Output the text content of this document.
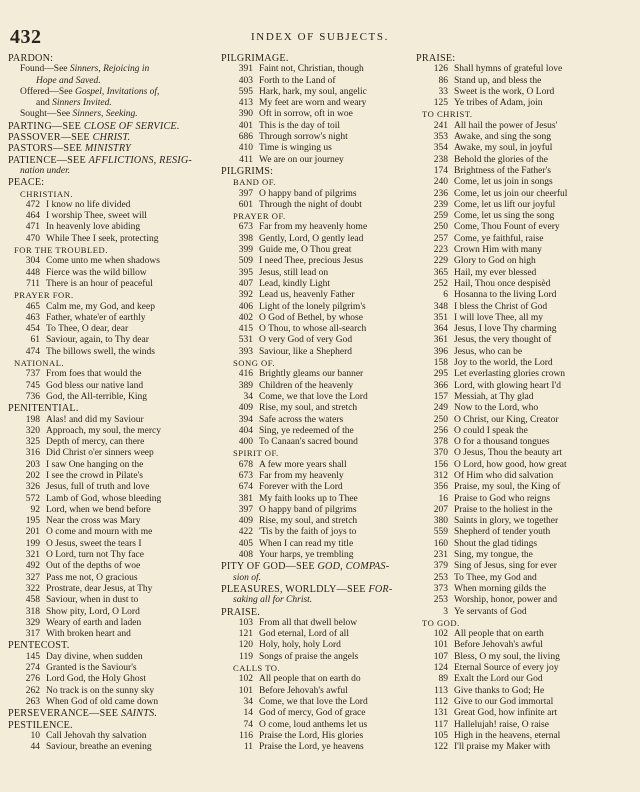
432	INDEX OF SUBJECTS.
PARDON:
Found—See Sinners, Rejoicing in
Hope and Saved.
Offered—See Gospel, Invitations of,
and Sinners Invited.
Sought—See Sinners, Seeking.
PARTING—SEE CLOSE OF SERVICE.
PASSOVER—SEE CHRIST.
PASTORS—SEE MINISTRY
PATIENCE—SEE AFFLICTIONS, RESIG-
nation under.
PEACE:
CHRISTIAN.
472 I know no life divided
464 I worship Thee, sweet will
471 In heavenly love abiding
470 While Thee I seek, protecting
FOR THE TROUBLED.
304 Come unto me when shadows
448 Fierce was the wild billow
711 There is an hour of peaceful
PRAYER FOR.
465 Calm me, my God, and keep
463 Father, whate'er of earthly
454 To Thee, O dear, dear
61 Saviour, again, to Thy dear
474 The billows swell, the winds
NATIONAL.
737 From foes that would the
745 God bless our native land
736 God, the All-terrible, King
PENITENTIAL.
198 Alas! and did my Saviour
320 Approach, my soul, the mercy
325 Depth of mercy, can there
316 Did Christ o'er sinners weep
203 I saw One hanging on the
202 I see the crowd in Pilate's
326 Jesus, full of truth and love
572 Lamb of God, whose bleeding
92 Lord, when we bend before
195 Near the cross was Mary
201 O come and mourn with me
199 O Jesus, sweet the tears I
321 O Lord, turn not Thy face
492 Out of the depths of woe
327 Pass me not, O gracious
322 Prostrate, dear Jesus, at Thy
458 Saviour, when in dust to
318 Show pity, Lord, O Lord
329 Weary of earth and laden
317 With broken heart and
PENTECOST.
145 Day divine, when sudden
274 Granted is the Saviour's
276 Lord God, the Holy Ghost
262 No track is on the sunny sky
263 When God of old came down
PERSEVERANCE—SEE SAINTS.
PESTILENCE.
10 Call Jehovah thy salvation
44 Saviour, breathe an evening
PILGRIMAGE.
391 Faint not, Christian, though
403 Forth to the Land of
595 Hark, hark, my soul, angelic
413 My feet are worn and weary
390 Oft in sorrow, oft in woe
401 This is the day of toil
686 Through sorrow's night
410 Time is winging us
411 We are on our journey
PILGRIMS:
BAND OF.
397 O happy band of pilgrims
601 Through the night of doubt
PRAYER OF.
673 Far from my heavenly home
398 Gently, Lord, O gently lead
399 Guide me, O Thou great
509 I need Thee, precious Jesus
395 Jesus, still lead on
407 Lead, kindly Light
392 Lead us, heavenly Father
406 Light of the lonely pilgrim's
402 O God of Bethel, by whose
415 O Thou, to whose all-search
531 O very God of very God
393 Saviour, like a Shepherd
SONG OF.
416 Brightly gleams our banner
389 Children of the heavenly
34 Come, we that love the Lord
409 Rise, my soul, and stretch
394 Safe across the waters
404 Sing, ye redeemed of the
400 To Canaan's sacred bound
SPIRIT OF.
678 A few more years shall
673 Far from my heavenly
674 Forever with the Lord
381 My faith looks up to Thee
397 O happy band of pilgrims
409 Rise, my soul, and stretch
422 'Tis by the faith of joys to
405 When I can read my title
408 Your harps, ye trembling
PITY OF GOD—SEE GOD, COMPAS-
sion of.
PLEASURES, WORLDLY—SEE FOR-
saking all for Christ.
PRAISE.
103 From all that dwell below
121 God eternal, Lord of all
120 Holy, holy, holy Lord
119 Songs of praise the angels
CALLS TO.
102 All people that on earth do
101 Before Jehovah's awful
34 Come, we that love the Lord
14 God of mercy, God of grace
74 O come, loud anthems let us
116 Praise the Lord, His glories
11 Praise the Lord, ye heavens
PRAISE:
126 Shall hymns of grateful love
86 Stand up, and bless the
33 Sweet is the work, O Lord
125 Ye tribes of Adam, join
TO CHRIST.
241 All hail the power of Jesus'
353 Awake, and sing the song
354 Awake, my soul, in joyful
238 Behold the glories of the
174 Brightness of the Father's
240 Come, let us join in songs
236 Come, let us join our cheerful
239 Come, let us lift our joyful
259 Come, let us sing the song
250 Come, Thou Fount of every
257 Come, ye faithful, raise
223 Crown Him with many
229 Glory to God on high
365 Hail, my ever blessed
252 Hail, Thou once despisèd
6 Hosanna to the living Lord
348 I bless the Christ of God
351 I will love Thee, all my
364 Jesus, I love Thy charming
361 Jesus, the very thought of
396 Jesus, who can be
158 Joy to the world, the Lord
295 Let everlasting glories crown
366 Lord, with glowing heart I'd
157 Messiah, at Thy glad
249 Now to the Lord, who
250 O Christ, our King, Creator
256 O could I speak the
378 O for a thousand tongues
370 O Jesus, Thou the beauty art
156 O Lord, how good, how great
312 Of Him who did salvation
356 Praise, my soul, the King of
16 Praise to God who reigns
207 Praise to the holiest in the
380 Saints in glory, we together
559 Shepherd of tender youth
160 Shout the glad tidings
231 Sing, my tongue, the
379 Sing of Jesus, sing for ever
253 To Thee, my God and
373 When morning gilds the
253 Worship, honor, power and
3 Ye servants of God
TO GOD.
102 All people that on earth
101 Before Jehovah's awful
107 Bless, O my soul, the living
124 Eternal Source of every joy
89 Exalt the Lord our God
113 Give thanks to God; He
112 Give to our God immortal
131 Great God, how infinite art
117 Hallelujah! raise, O raise
105 High in the heavens, eternal
122 I'll praise my Maker with
